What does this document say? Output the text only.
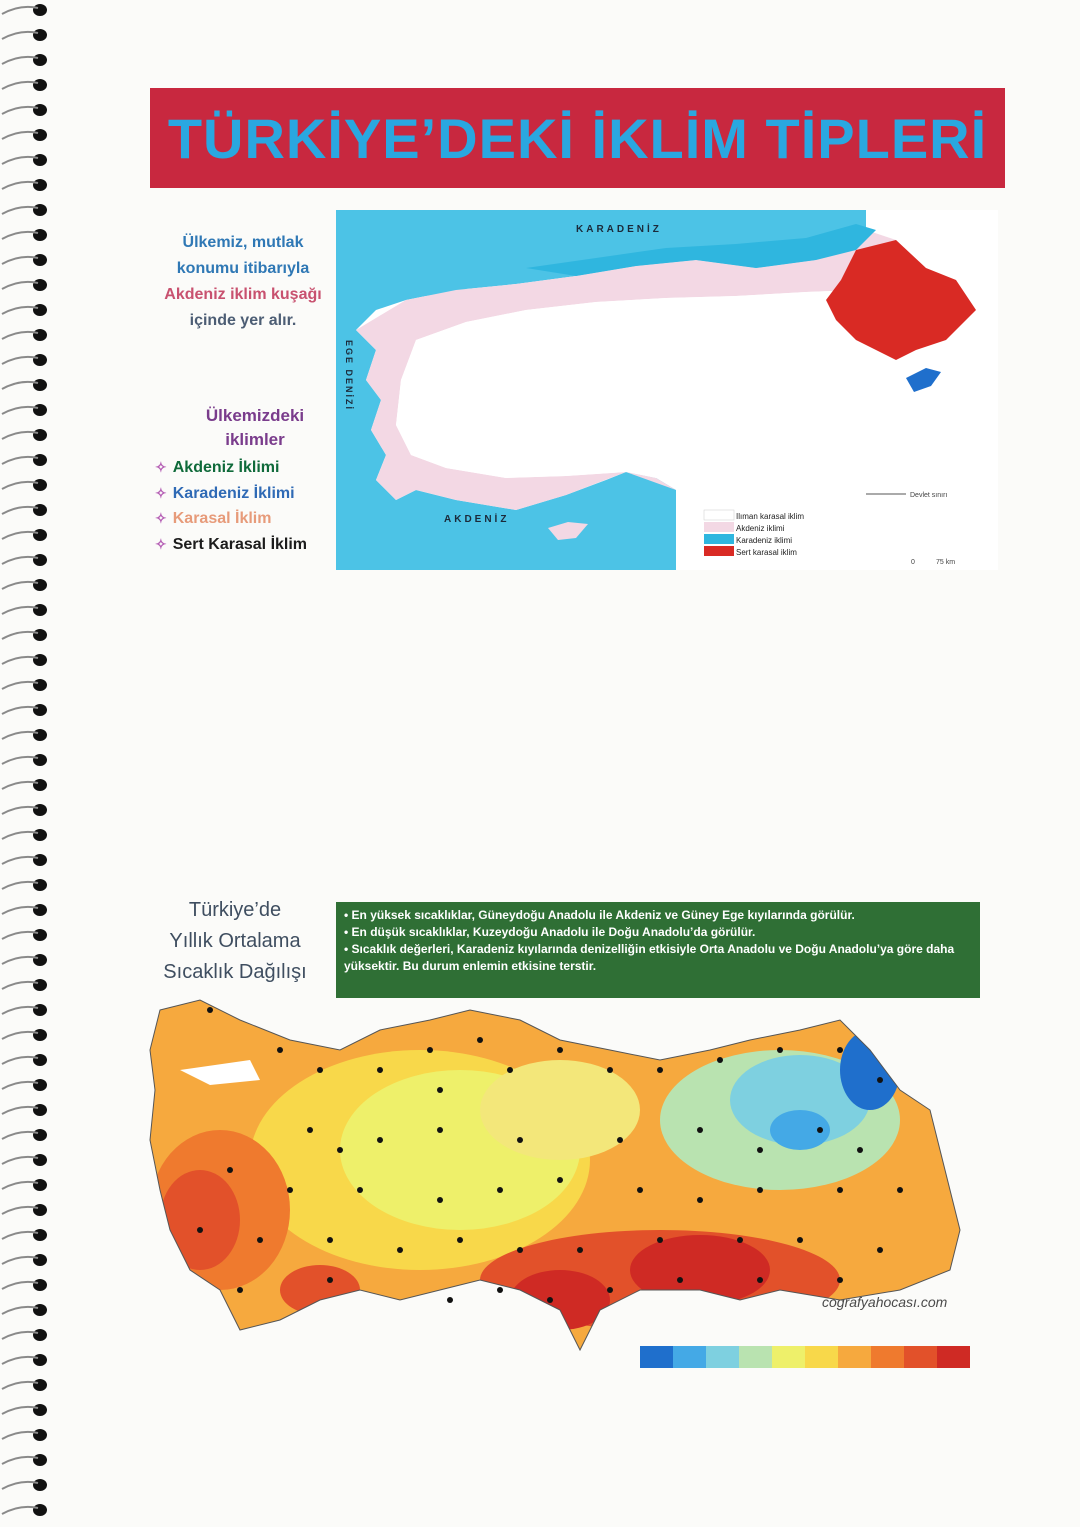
TÜRKİYE’DEKİ İKLİM TİPLERİ
Ülkemiz, mutlak
konumu itibarıyla
Akdeniz iklim kuşağı
içinde yer alır.
Ülkemizdeki
iklimler
✧ Akdeniz İklimi
✧ Karadeniz İklimi
✧ Karasal İklim
✧ Sert Karasal İklim
KARADENİZ
EGE DENİZİ
AKDENİZ	Ilıman karasal iklim
Akdeniz iklimi
Karadeniz iklimi
Sert karasal iklim
Devlet sınırı
0	75 km
Türkiye’de
Yıllık Ortalama
Sıcaklık Dağılışı

• En yüksek sıcaklıklar, Güneydoğu Anadolu ile Akdeniz ve Güney Ege kıyılarında görülür.

• En düşük sıcaklıklar, Kuzeydoğu Anadolu ile Doğu Anadolu’da görülür.

• Sıcaklık değerleri, Karadeniz kıyılarında denizelliğin etkisiyle Orta Anadolu ve Doğu Anadolu’ya göre daha yüksektir. Bu durum enlemin etkisine terstir.

cografyahocası.com
